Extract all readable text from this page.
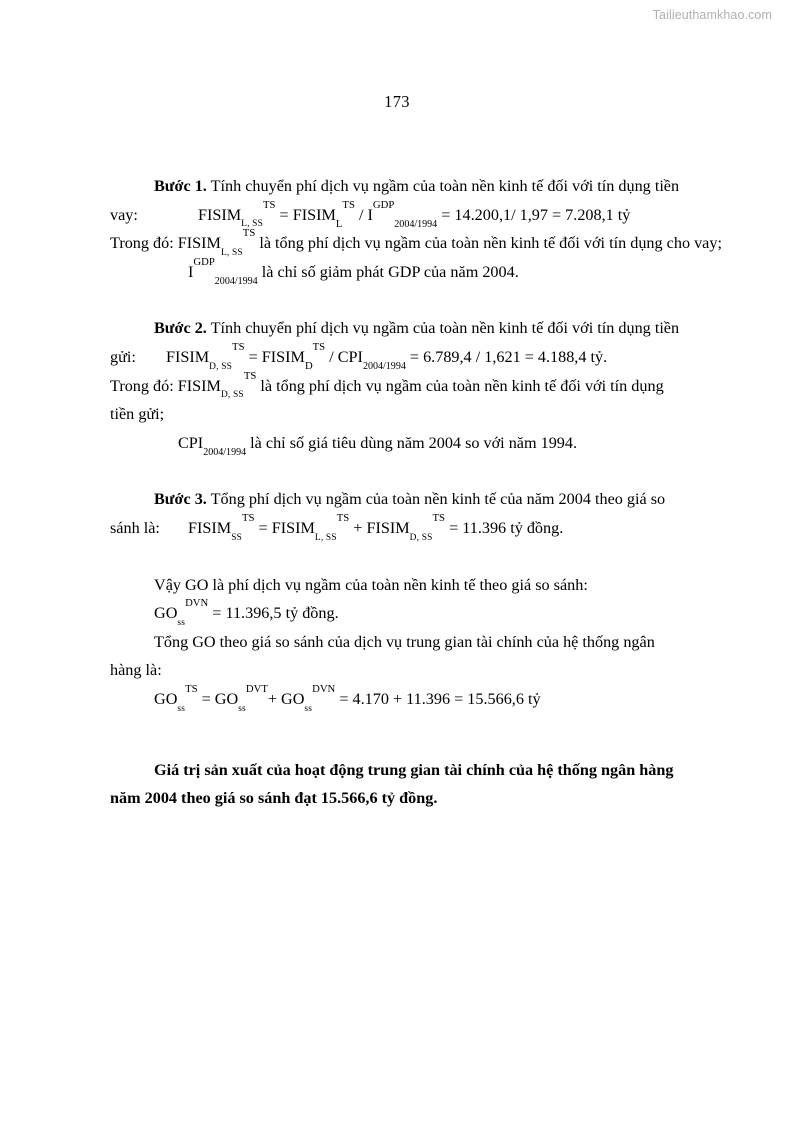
Tailieuthamkhao.com
173

Bước 1. Tính chuyển phí dịch vụ ngầm của toàn nền kinh tế đối với tín dụng tiền

vay:	$FISIM_{L, SS}^{TS}$ = $FISIM_L^{TS} / I^{GDP}_{2004/1994} = 14.200,1/$ 1,97 = 7.208,1 tỷ

Trong đó: $FISIM_{L, SS}^{TS}$ là tổng phí dịch vụ ngầm của toàn nền kinh tế đối với tín dụng cho vay;

$I^{GDP}_{2004/1994}$ là chỉ số giảm phát GDP của năm 2004.

Bước 2. Tính chuyển phí dịch vụ ngầm của toàn nền kinh tế đối với tín dụng tiền

gửi: $FISIM_{D, SS}^{TS}$ = $FISIM_D^{TS} / CPI_{2004/1994} = 6.789,4 / 1,621 = 4.188,4$ tỷ.

Trong đó: $FISIM_{D, SS}^{TS}$ là tổng phí dịch vụ ngầm của toàn nền kinh tế đối với tín dụng

tiền gửi;

$CPI_{2004/1994}$ là chỉ số giá tiêu dùng năm 2004 so với năm 1994.

Bước 3. Tổng phí dịch vụ ngầm của toàn nền kinh tế của năm 2004 theo giá so

sánh là: $FISIM_{SS}^{TS}$ = $FISIM_{L, SS}^{TS}$ + $FISIM_{D, SS}^{TS} = 11.396$ tỷ đồng.

Vậy GO là phí dịch vụ ngầm của toàn nền kinh tế theo giá so sánh:

$GO_{ss}^{DVN} = 11.396,5$ tỷ đồng.

Tổng GO theo giá so sánh của dịch vụ trung gian tài chính của hệ thống ngân

hàng là:

$GO_{ss}^{TS} = GO_{ss}^{DVT}+ GO_{ss}^{DVN} = 4.170 + 11.396 = 15.566,6$ tỷ

Giá trị sản xuất của hoạt động trung gian tài chính của hệ thống ngân hàng

năm 2004 theo giá so sánh đạt 15.566,6 tỷ đồng.
